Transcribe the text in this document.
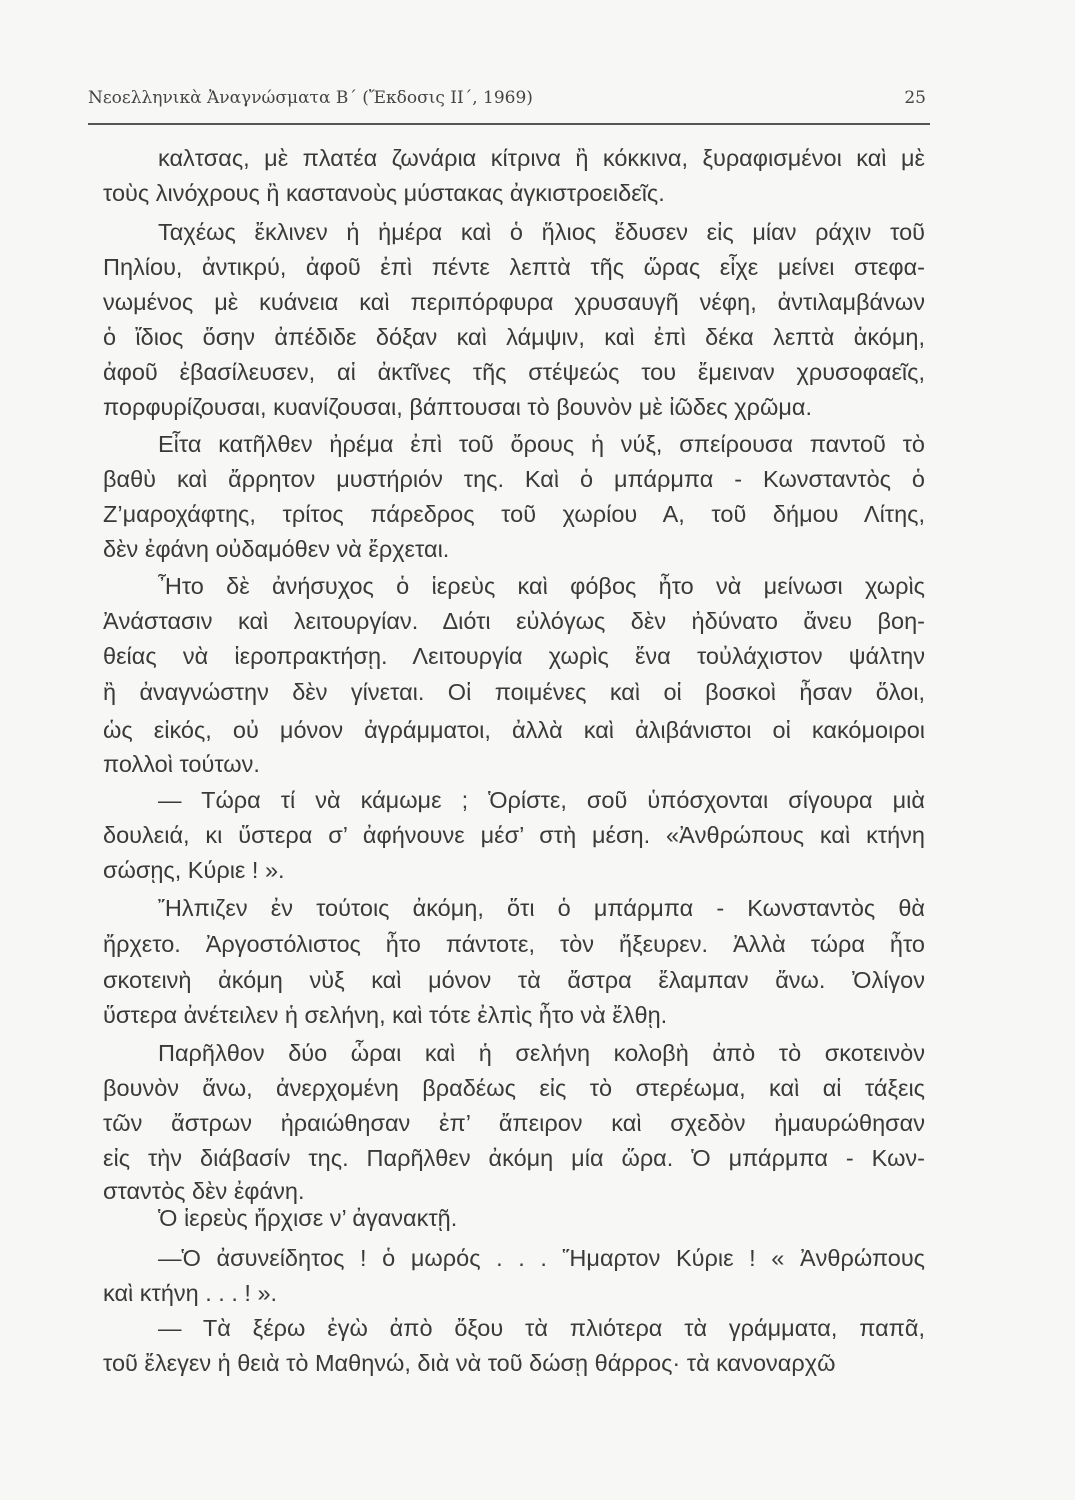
Νεοελληνικὰ Ἀναγνώσματα Β΄ (Ἔκδοσις ΙΙ΄, 1969)	25
καλτσας, μὲ πλατέα ζωνάρια κίτρινα ἢ κόκκινα, ξυραφισμένοι καὶ μὲ
τοὺς λινόχρους ἢ καστανοὺς μύστακας ἀγκιστροειδεῖς.
Ταχέως ἔκλινεν ἡ ἡμέρα καὶ ὁ ἥλιος ἔδυσεν εἰς μίαν ράχιν τοῦ
Πηλίου, ἀντικρύ, ἀφοῦ ἐπὶ πέντε λεπτὰ τῆς ὥρας εἶχε μείνει στεφα-
νωμένος μὲ κυάνεια καὶ περιπόρφυρα χρυσαυγῆ νέφη, ἀντιλαμβάνων
ὁ ἴδιος ὅσην ἀπέδιδε δόξαν καὶ λάμψιν, καὶ ἐπὶ δέκα λεπτὰ ἀκόμη,
ἀφοῦ ἐβασίλευσεν, αἱ ἀκτῖνες τῆς στέψεώς του ἔμειναν χρυσοφαεῖς,
πορφυρίζουσαι, κυανίζουσαι, βάπτουσαι τὸ βουνὸν μὲ ἰῶδες χρῶμα.
Εἶτα κατῆλθεν ἠρέμα ἐπὶ τοῦ ὄρους ἡ νύξ, σπείρουσα παντοῦ τὸ
βαθὺ καὶ ἄρρητον μυστήριόν της. Καὶ ὁ μπάρμπα - Κωνσταντὸς ὁ
Ζ’μαροχάφτης, τρίτος πάρεδρος τοῦ χωρίου Α, τοῦ δήμου Λίτης,
δὲν ἐφάνη οὐδαμόθεν νὰ ἔρχεται.
Ἦτο δὲ ἀνήσυχος ὁ ἱερεὺς καὶ φόβος ἦτο νὰ μείνωσι χωρὶς
Ἀνάστασιν καὶ λειτουργίαν. Διότι εὐλόγως δὲν ἠδύνατο ἄνευ βοη-
θείας νὰ ἱεροπρακτήσῃ. Λειτουργία χωρὶς ἕνα τοὐλάχιστον ψάλτην
ἢ ἀναγνώστην δὲν γίνεται. Οἱ ποιμένες καὶ οἱ βοσκοὶ ἦσαν ὅλοι,
ὡς εἰκός, οὐ μόνον ἀγράμματοι, ἀλλὰ καὶ ἀλιβάνιστοι οἱ κακόμοιροι
πολλοὶ τούτων.
— Τώρα τί νὰ κάμωμε ; Ὁρίστε, σοῦ ὑπόσχονται σίγουρα μιὰ
δουλειά, κι ὕστερα σ’ ἀφήνουνε μέσ’ στὴ μέση. «Ἀνθρώπους καὶ κτήνη
σώσῃς, Κύριε ! ».
Ἤλπιζεν ἐν τούτοις ἀκόμη, ὅτι ὁ μπάρμπα - Κωνσταντὸς θὰ
ἤρχετο. Ἀργοστόλιστος ἦτο πάντοτε, τὸν ἤξευρεν. Ἀλλὰ τώρα ἦτο
σκοτεινὴ ἀκόμη νὺξ καὶ μόνον τὰ ἄστρα ἔλαμπαν ἄνω. Ὀλίγον
ὕστερα ἀνέτειλεν ἡ σελήνη, καὶ τότε ἐλπὶς ἦτο νὰ ἔλθῃ.
Παρῆλθον δύο ὧραι καὶ ἡ σελήνη κολοβὴ ἀπὸ τὸ σκοτεινὸν
βουνὸν ἄνω, ἀνερχομένη βραδέως εἰς τὸ στερέωμα, καὶ αἱ τάξεις
τῶν ἄστρων ἠραιώθησαν ἐπ’ ἄπειρον καὶ σχεδὸν ἠμαυρώθησαν
εἰς τὴν διάβασίν της. Παρῆλθεν ἀκόμη μία ὥρα. Ὁ μπάρμπα - Κων-
σταντὸς δὲν ἐφάνη.
Ὁ ἱερεὺς ἤρχισε ν’ ἀγανακτῇ.
—Ὁ ἀσυνείδητος ! ὁ μωρός . . . Ἥμαρτον Κύριε ! « Ἀνθρώπους
καὶ κτήνη . . . ! ».
— Τὰ ξέρω ἐγὼ ἀπὸ ὄξου τὰ πλιότερα τὰ γράμματα, παπᾶ,
τοῦ ἔλεγεν ἡ θειὰ τὸ Μαθηνώ, διὰ νὰ τοῦ δώσῃ θάρρος· τὰ κανοναρχῶ
